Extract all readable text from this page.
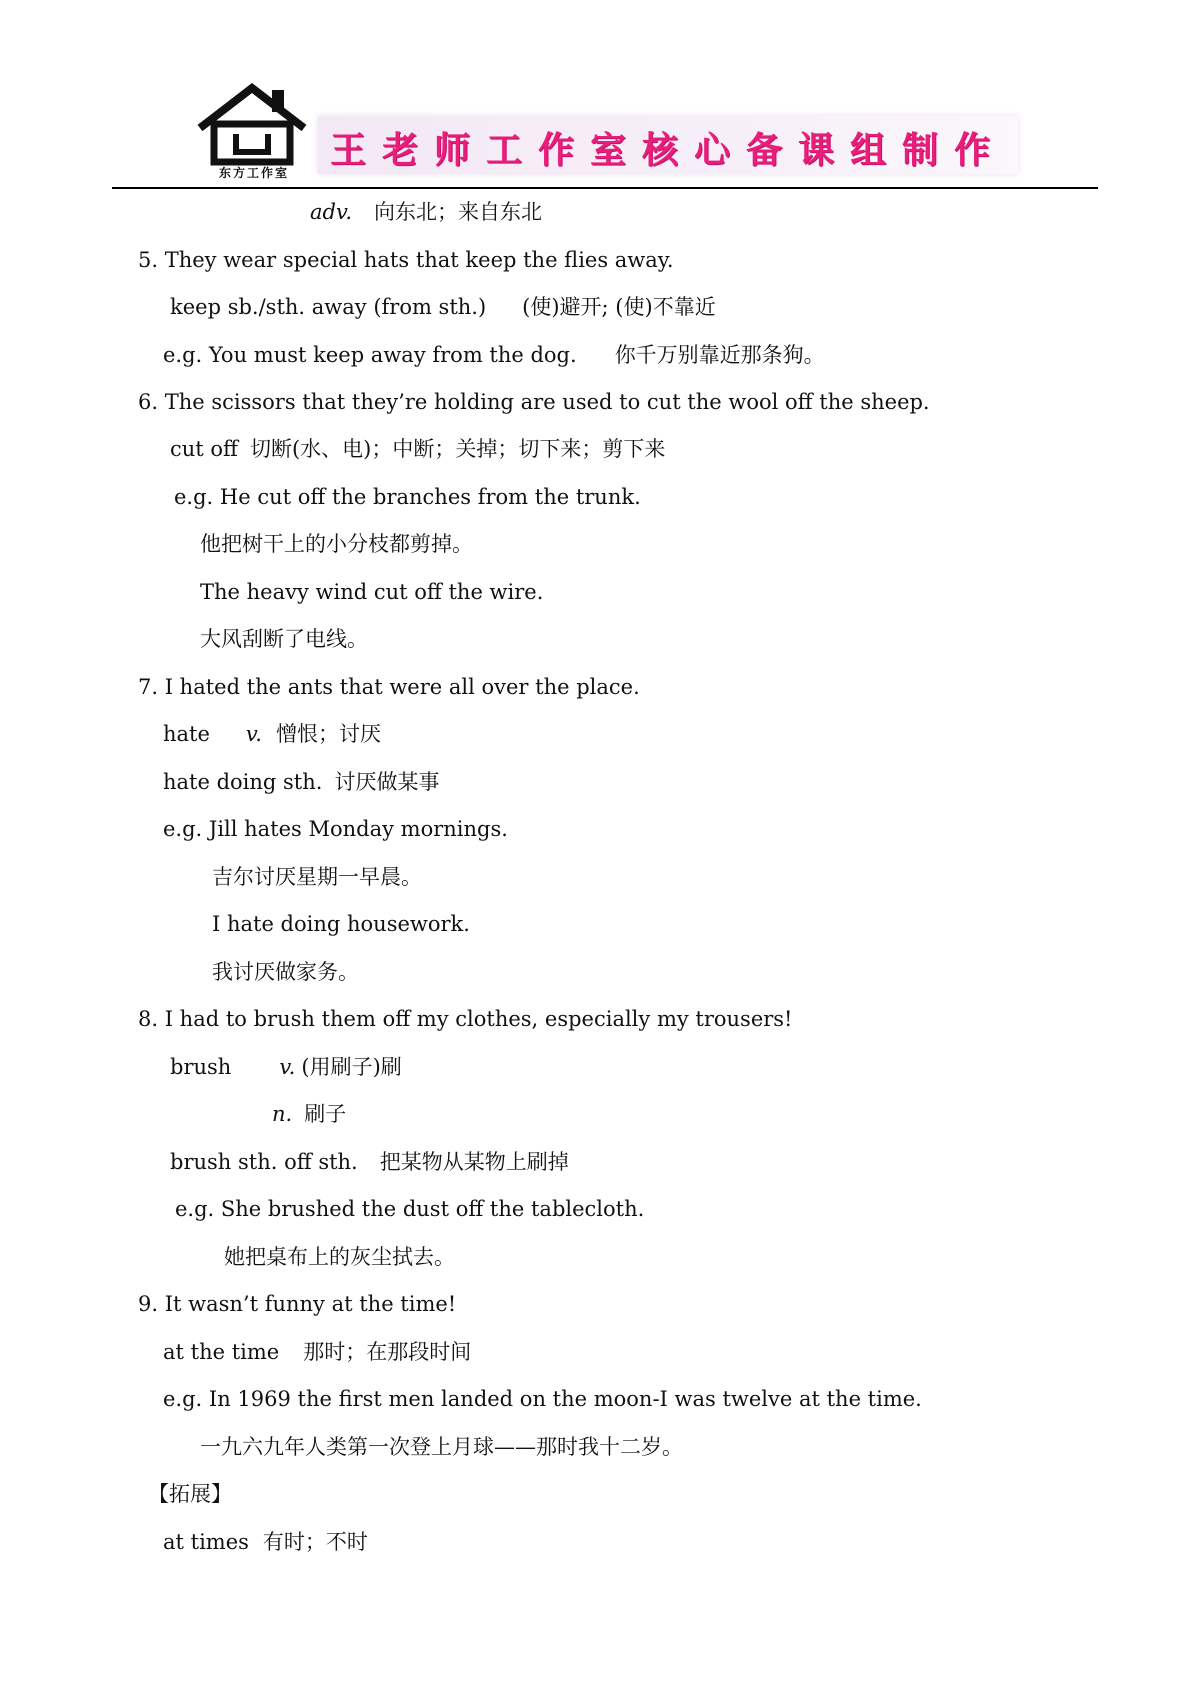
东方工作室
王老师工作室核心备课组制作
adv. 向东北；来自东北
5. They wear special hats that keep the flies away.
keep sb./sth. away (from sth.) (使)避开; (使)不靠近
e.g. You must keep away from the dog. 你千万别靠近那条狗。
6. The scissors that they’re holding are used to cut the wool off the sheep.
cut off 切断(水、电)；中断；关掉；切下来；剪下来
e.g. He cut off the branches from the trunk.
他把树干上的小分枝都剪掉。
The heavy wind cut off the wire.
大风刮断了电线。
7. I hated the ants that were all over the place.
hate v. 憎恨；讨厌
hate doing sth. 讨厌做某事
e.g. Jill hates Monday mornings.
吉尔讨厌星期一早晨。
I hate doing housework.
我讨厌做家务。
8. I had to brush them off my clothes, especially my trousers!
brush v. (用刷子)刷
n. 刷子
brush sth. off sth. 把某物从某物上刷掉
e.g. She brushed the dust off the tablecloth.
她把桌布上的灰尘拭去。
9. It wasn’t funny at the time!
at the time 那时；在那段时间
e.g. In 1969 the first men landed on the moon-I was twelve at the time.
一九六九年人类第一次登上月球——那时我十二岁。
【拓展】
at times 有时；不时
